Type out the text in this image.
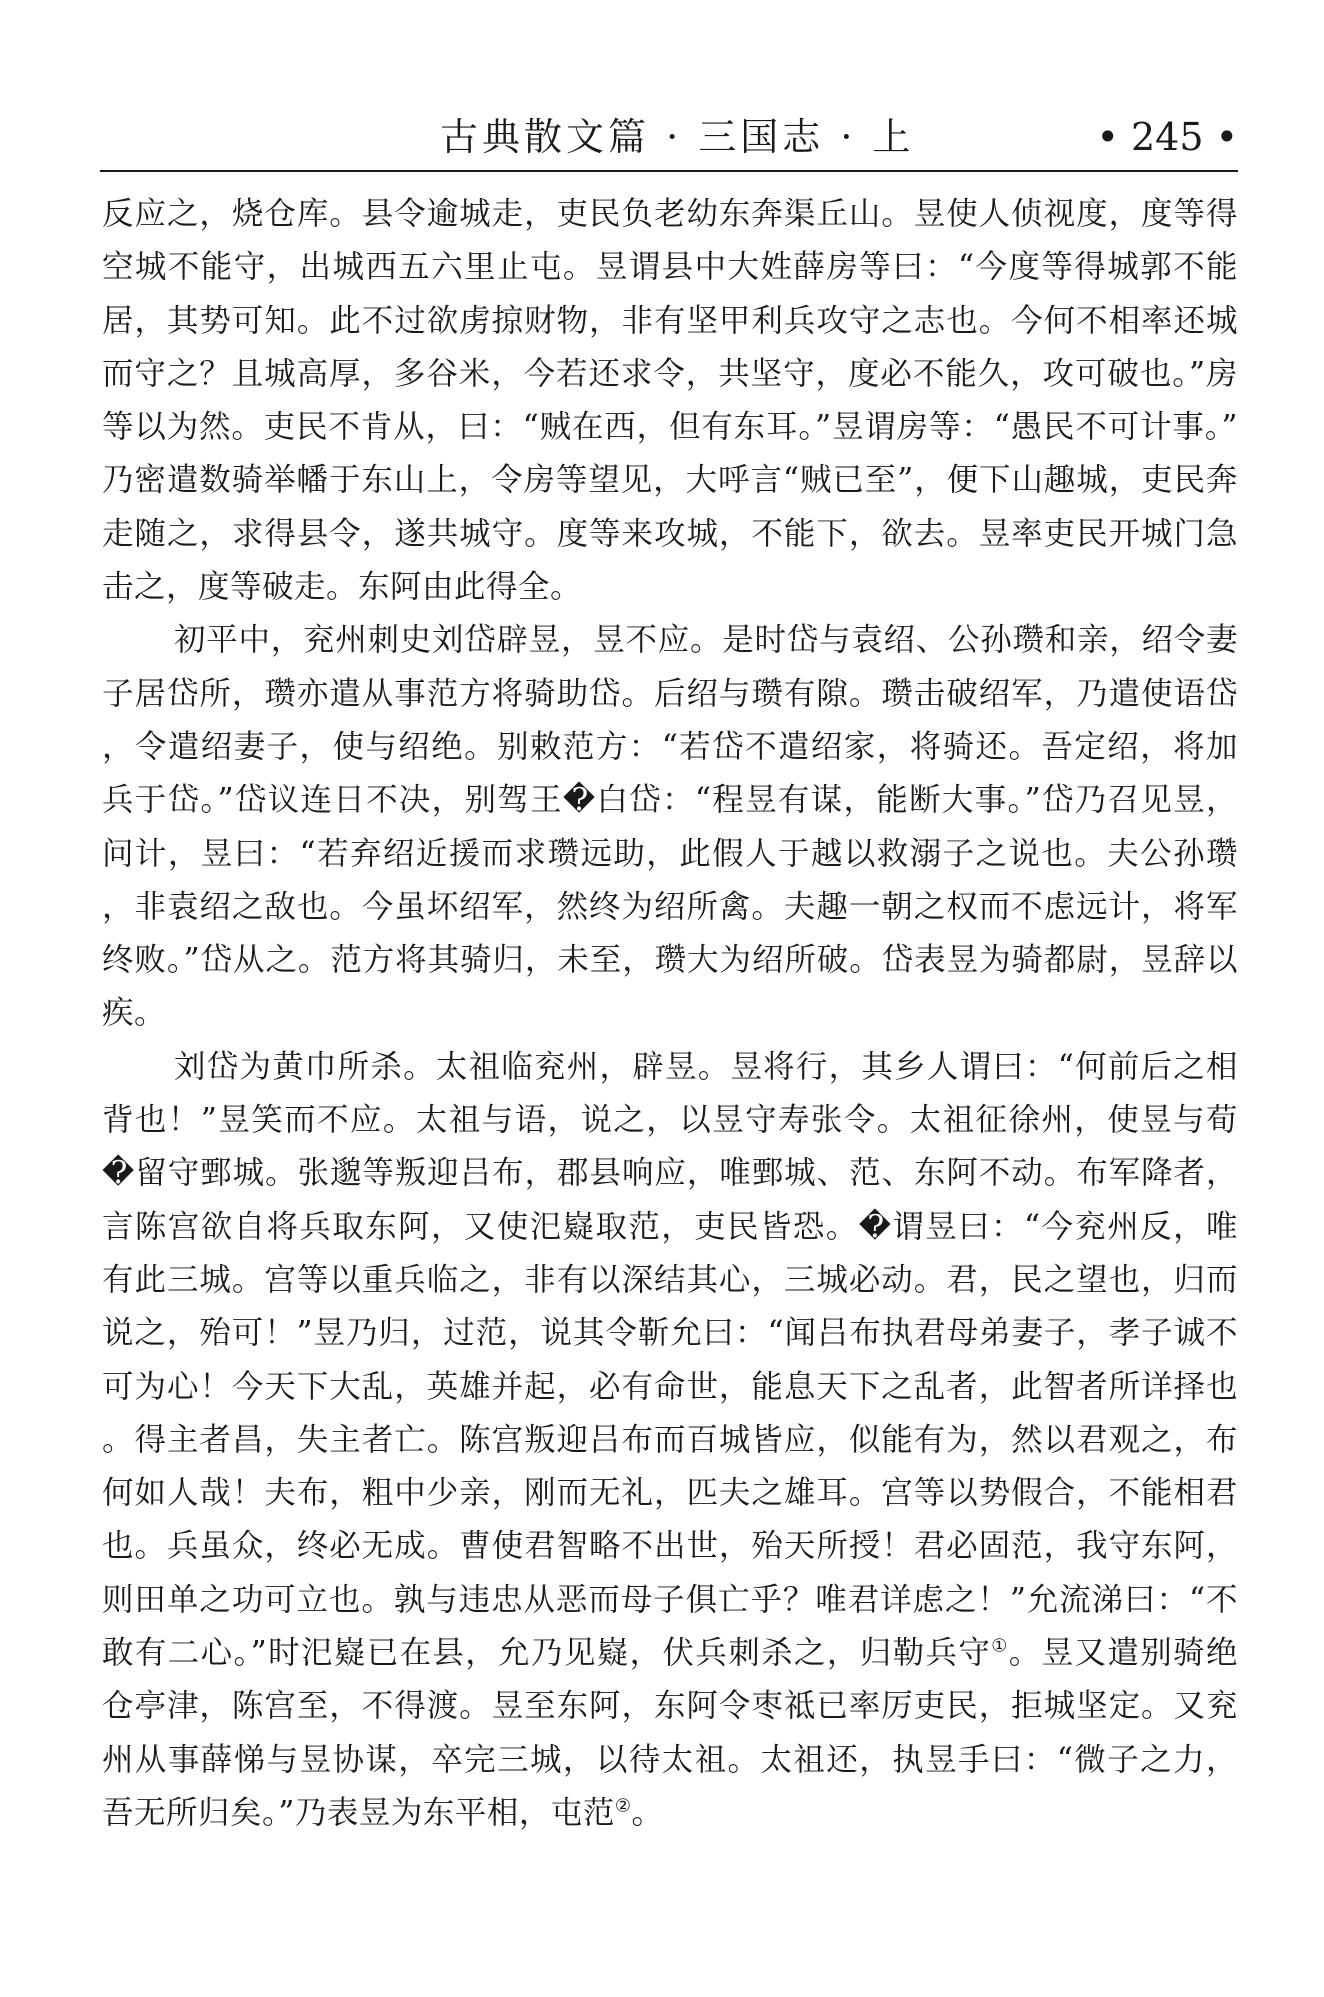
古典散文篇 · 三国志 · 上	• 245 •

反应之，烧仓库。县令逾城走，吏民负老幼东奔渠丘山。昱使人侦视度，度等得空城不能守，出城西五六里止屯。昱谓县中大姓薛房等曰：“今度等得城郭不能居，其势可知。此不过欲虏掠财物，非有坚甲利兵攻守之志也。今何不相率还城而守之？且城高厚，多谷米，今若还求令，共坚守，度必不能久，攻可破也。”房等以为然。吏民不肯从，曰：“贼在西，但有东耳。”昱谓房等：“愚民不可计事。”乃密遣数骑举幡于东山上，令房等望见，大呼言“贼已至”，便下山趣城，吏民奔走随之，求得县令，遂共城守。度等来攻城，不能下，欲去。昱率吏民开城门急击之，度等破走。东阿由此得全。

初平中，兖州刺史刘岱辟昱，昱不应。是时岱与袁绍、公孙瓒和亲，绍令妻子居岱所，瓒亦遣从事范方将骑助岱。后绍与瓒有隙。瓒击破绍军，乃遣使语岱，令遣绍妻子，使与绍绝。别敕范方：“若岱不遣绍家，将骑还。吾定绍，将加兵于岱。”岱议连日不决，别驾王�白岱：“程昱有谋，能断大事。”岱乃召见昱，问计，昱曰：“若弃绍近援而求瓒远助，此假人于越以救溺子之说也。夫公孙瓒，非袁绍之敌也。今虽坏绍军，然终为绍所禽。夫趣一朝之权而不虑远计，将军终败。”岱从之。范方将其骑归，未至，瓒大为绍所破。岱表昱为骑都尉，昱辞以疾。

刘岱为黄巾所杀。太祖临兖州，辟昱。昱将行，其乡人谓曰：“何前后之相背也！”昱笑而不应。太祖与语，说之，以昱守寿张令。太祖征徐州，使昱与荀�留守鄄城。张邈等叛迎吕布，郡县响应，唯鄄城、范、东阿不动。布军降者，言陈宫欲自将兵取东阿，又使汜嶷取范，吏民皆恐。�谓昱曰：“今兖州反，唯有此三城。宫等以重兵临之，非有以深结其心，三城必动。君，民之望也，归而说之，殆可！”昱乃归，过范，说其令靳允曰：“闻吕布执君母弟妻子，孝子诚不可为心！今天下大乱，英雄并起，必有命世，能息天下之乱者，此智者所详择也。得主者昌，失主者亡。陈宫叛迎吕布而百城皆应，似能有为，然以君观之，布何如人哉！夫布，粗中少亲，刚而无礼，匹夫之雄耳。宫等以势假合，不能相君也。兵虽众，终必无成。曹使君智略不出世，殆天所授！君必固范，我守东阿，则田单之功可立也。孰与违忠从恶而母子俱亡乎？唯君详虑之！”允流涕曰：“不敢有二心。”时汜嶷已在县，允乃见嶷，伏兵刺杀之，归勒兵守①。昱又遣别骑绝仓亭津，陈宫至，不得渡。昱至东阿，东阿令枣祗已率厉吏民，拒城坚定。又兖州从事薛悌与昱协谋，卒完三城，以待太祖。太祖还，执昱手曰：“微子之力，吾无所归矣。”乃表昱为东平相，屯范②。
